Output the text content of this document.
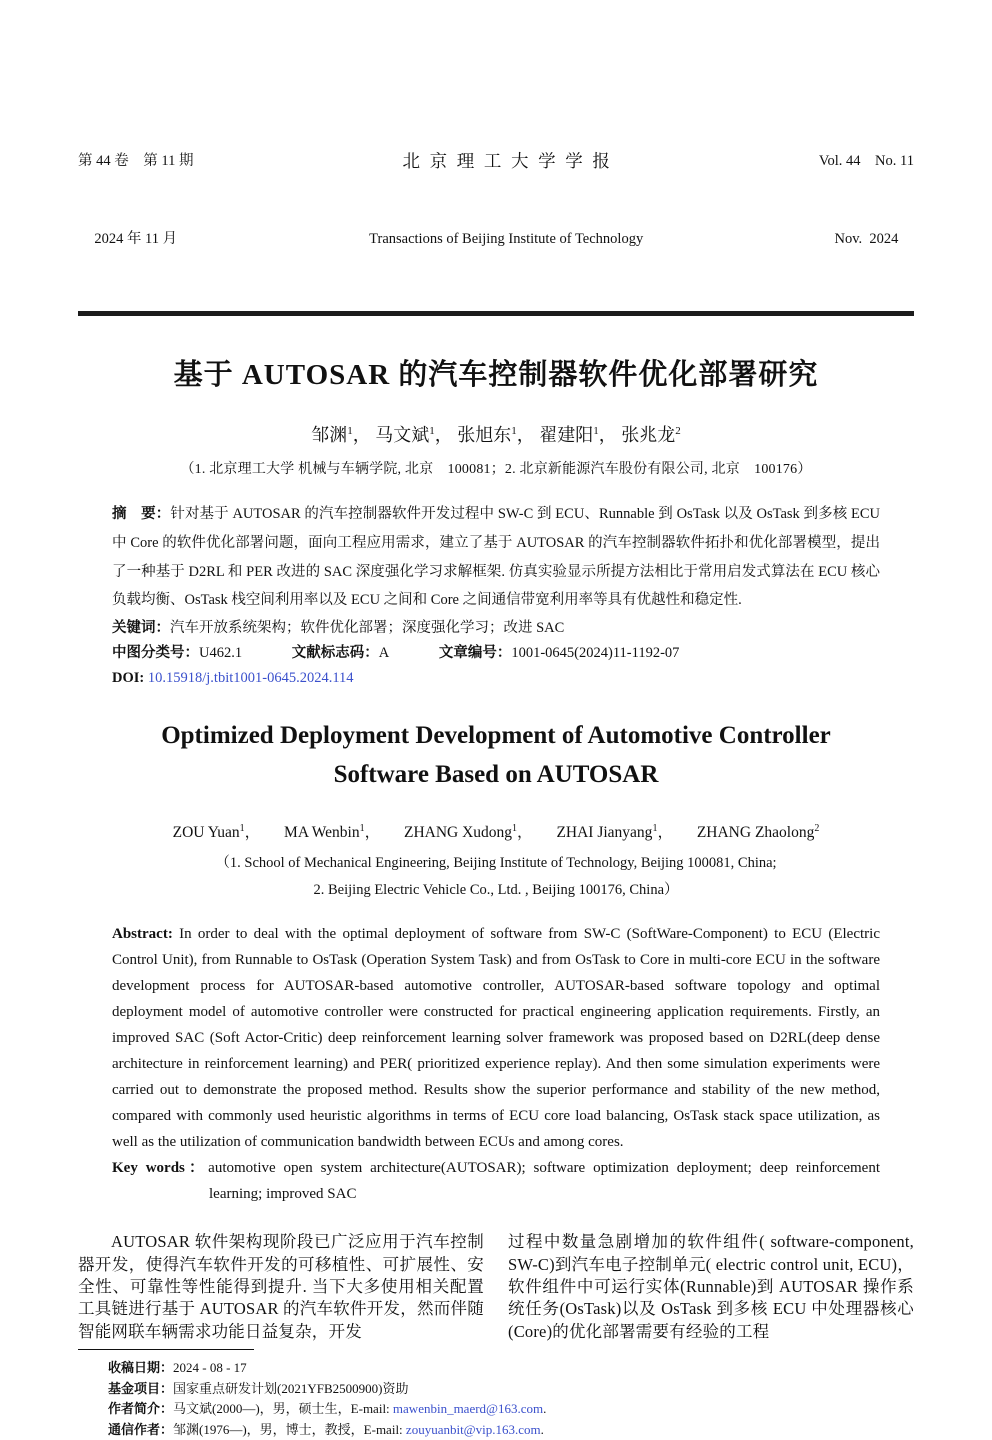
第 44 卷　第 11 期

2024 年 11 月

北京理工大学学报

Transactions of Beijing Institute of Technology

Vol. 44　No. 11

Nov.  2024

基于 AUTOSAR 的汽车控制器软件优化部署研究
邹渊$^1$， 马文斌$^1$， 张旭东$^1$， 翟建阳$^1$， 张兆龙$^2$
（1. 北京理工大学 机械与车辆学院, 北京　100081；2. 北京新能源汽车股份有限公司, 北京　100176）

摘　要：针对基于 AUTOSAR 的汽车控制器软件开发过程中 SW-C 到 ECU、Runnable 到 OsTask 以及 OsTask 到多核 ECU 中 Core 的软件优化部署问题，面向工程应用需求，建立了基于 AUTOSAR 的汽车控制器软件拓扑和优化部署模型，提出了一种基于 D2RL 和 PER 改进的 SAC 深度强化学习求解框架. 仿真实验显示所提方法相比于常用启发式算法在 ECU 核心负载均衡、OsTask 栈空间利用率以及 ECU 之间和 Core 之间通信带宽利用率等具有优越性和稳定性.

关键词：汽车开放系统架构；软件优化部署；深度强化学习；改进 SAC

中图分类号：U462.1	文献标志码：A	文章编号：1001-0645(2024)11-1192-07

DOI: 10.15918/j.tbit1001-0645.2024.114

Optimized Deployment Development of Automotive Controller
Software Based on AUTOSAR
ZOU Yuan$^1$， MA Wenbin$^1$， ZHANG Xudong$^1$， ZHAI Jianyang$^1$， ZHANG Zhaolong$^2$
（1. School of Mechanical Engineering, Beijing Institute of Technology, Beijing 100081, China;
2. Beijing Electric Vehicle Co., Ltd. , Beijing 100176, China）

Abstract: In order to deal with the optimal deployment of software from SW-C (SoftWare-Component) to ECU (Electric Control Unit), from Runnable to OsTask (Operation System Task) and from OsTask to Core in multi-core ECU in the software development process for AUTOSAR-based automotive controller, AUTOSAR-based software topology and optimal deployment model of automotive controller were constructed for practical engineering application requirements. Firstly, an improved SAC (Soft Actor-Critic) deep reinforcement learning solver framework was proposed based on D2RL(deep dense architecture in reinforcement learning) and PER( prioritized experience replay). And then some simulation experiments were carried out to demonstrate the proposed method. Results show the superior performance and stability of the new method, compared with commonly used heuristic algorithms in terms of ECU core load balancing, OsTask stack space utilization, as well as the utilization of communication bandwidth between ECUs and among cores.

Key words：automotive open system architecture(AUTOSAR); software optimization deployment; deep reinforcement learning; improved SAC

AUTOSAR 软件架构现阶段已广泛应用于汽车控制器开发，使得汽车软件开发的可移植性、可扩展性、安全性、可靠性等性能得到提升. 当下大多使用相关配置工具链进行基于 AUTOSAR 的汽车软件开发，然而伴随智能网联车辆需求功能日益复杂，开发

过程中数量急剧增加的软件组件( software-component, SW-C)到汽车电子控制单元( electric control unit, ECU)，软件组件中可运行实体(Runnable)到 AUTOSAR 操作系统任务(OsTask)以及 OsTask 到多核 ECU 中处理器核心(Core)的优化部署需要有经验的工程

收稿日期：2024 - 08 - 17
基金项目：国家重点研发计划(2021YFB2500900)资助
作者简介：马文斌(2000—)，男，硕士生，E-mail: mawenbin_maerd@163.com.
通信作者：邹渊(1976—)，男，博士，教授，E-mail: zouyuanbit@vip.163.com.
